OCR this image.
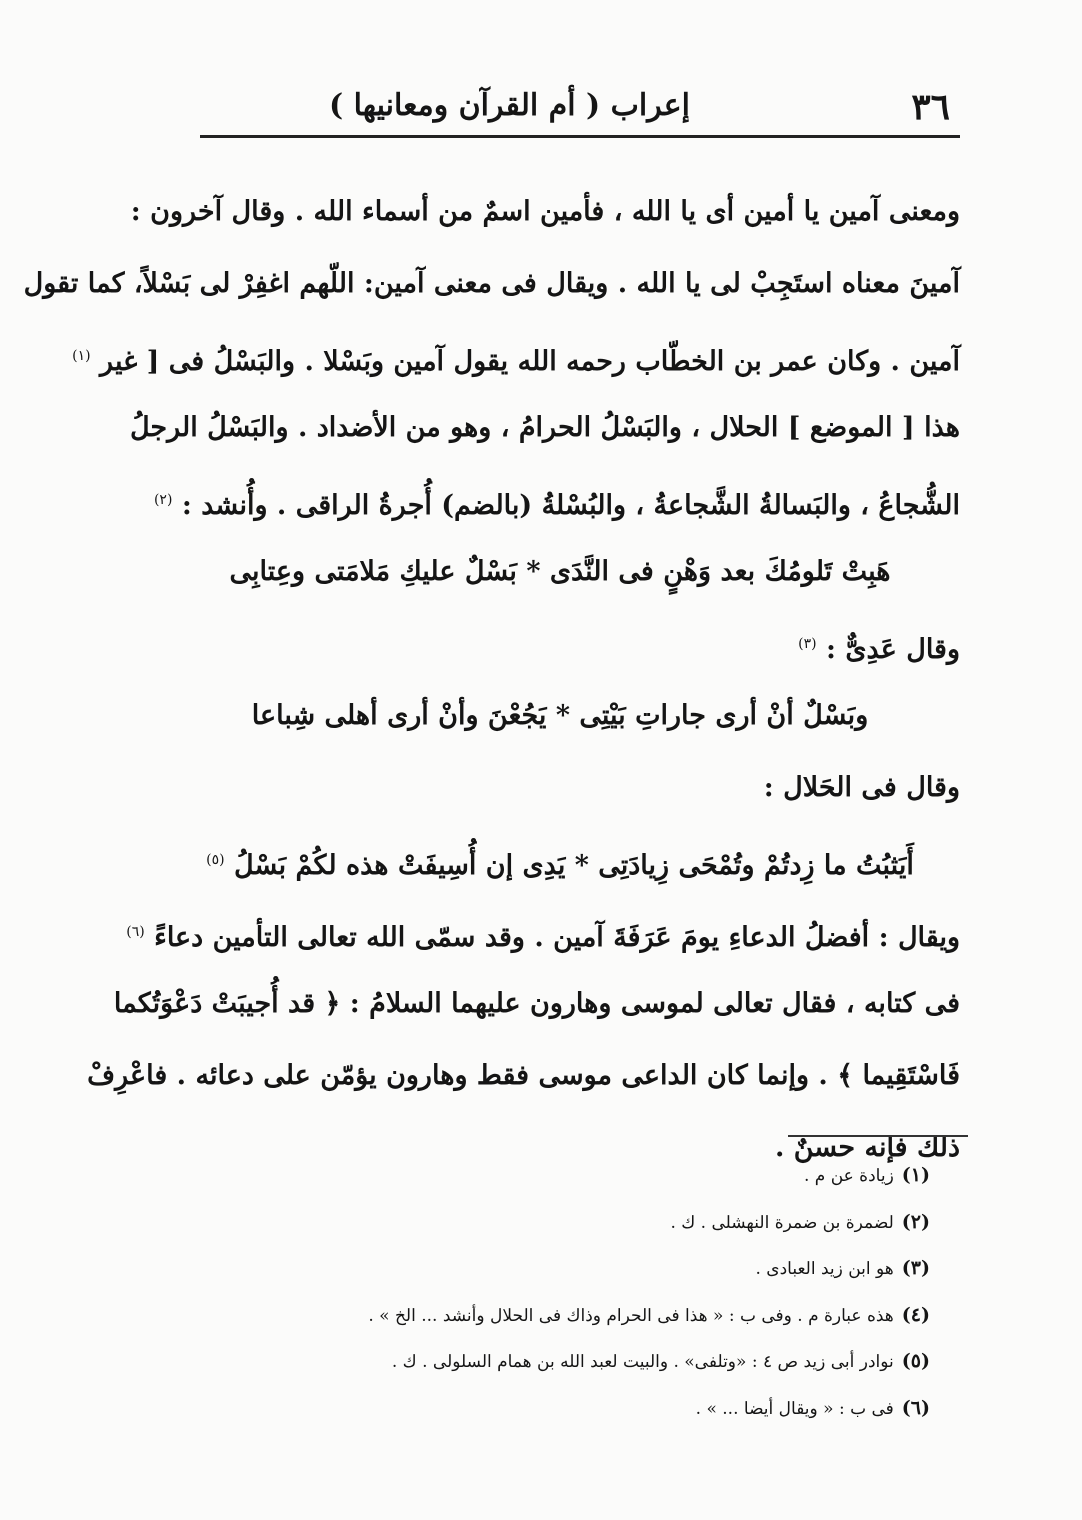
٣٦
إعراب ( أم القرآن ومعانيها )
ومعنى آمين يا أمين أى يا الله ، فأمين اسمٌ من أسماء الله . وقال آخرون :
آمينَ معناه استَجِبْ لى يا الله . ويقال فى معنى آمين: اللّهم اغفِرْ لى بَسْلاً، كما تقول
آمين . وكان عمر بن الخطّاب رحمه الله يقول آمين وبَسْلا . والبَسْلُ فى [ غير $^{(١)}$
هذا [ الموضع ] الحلال ، والبَسْلُ الحرامُ ، وهو من الأضداد . والبَسْلُ الرجلُ
الشُّجاعُ ، والبَسالةُ الشَّجاعةُ ، والبُسْلةُ (بالضم) أُجرةُ الراقى . وأُنشد : $^{(٢)}$
هَبِتْ تَلومُكَ بعد وَهْنٍ فى النَّدَى * بَسْلٌ عليكِ مَلامَتى وعِتابِى
وقال عَدِىٌّ : $^{(٣)}$
وبَسْلٌ أنْ أرى جاراتِ بَيْتِى * يَجُعْنَ وأنْ أرى أهلى شِباعا
وقال فى الحَلال :
أَيَثبُتُ ما زِدتُمْ وتُمْحَى زِيادَتِى * يَدِى إن أُسِيفَتْ هذه لكُمْ بَسْلُ $^{(٥)}$
ويقال : أفضلُ الدعاءِ يومَ عَرَفَةَ آمين . وقد سمّى الله تعالى التأمين دعاءً $^{(٦)}$
فى كتابه ، فقال تعالى لموسى وهارون عليهما السلامُ : ﴿ قد أُجيبَتْ دَعْوَتُكما
فَاسْتَقِيما ﴾ . وإنما كان الداعى موسى فقط وهارون يؤمّن على دعائه . فاعْرِفْ
ذلك فإنه حسنٌ .
(١)زيادة عن م .
(٢)لضمرة بن ضمرة النهشلى . ك .
(٣)هو ابن زيد العبادى .
(٤)هذه عبارة م . وفى ب : « هذا فى الحرام وذاك فى الحلال وأنشد ... الخ » .
(٥)نوادر أبى زيد ص ٤ : «وتلفى» . والبيت لعبد الله بن همام السلولى . ك .
(٦)فى ب : « ويقال أيضا ... » .
